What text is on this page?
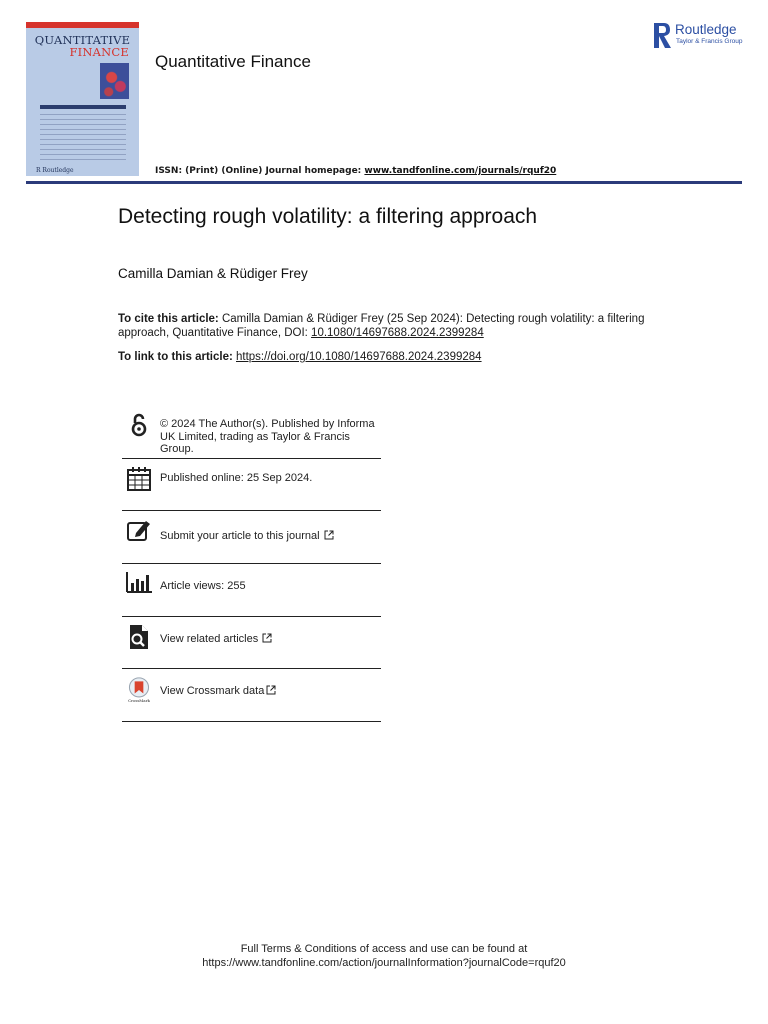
QUANTITATIVE
FINANCE
R Routledge
Quantitative Finance
Routledge
Taylor & Francis Group
ISSN: (Print) (Online) Journal homepage: www.tandfonline.com/journals/rquf20
Detecting rough volatility: a filtering approach
Camilla Damian & Rüdiger Frey
To cite this article: Camilla Damian & Rüdiger Frey (25 Sep 2024): Detecting rough volatility: a filtering approach, Quantitative Finance, DOI: 10.1080/14697688.2024.2399284
To link to this article: https://doi.org/10.1080/14697688.2024.2399284
© 2024 The Author(s). Published by Informa UK Limited, trading as Taylor & Francis Group.
Published online: 25 Sep 2024.
Submit your article to this journal
Article views: 255
View related articles
CrossMark
View Crossmark data
Full Terms & Conditions of access and use can be found at
https://www.tandfonline.com/action/journalInformation?journalCode=rquf20
